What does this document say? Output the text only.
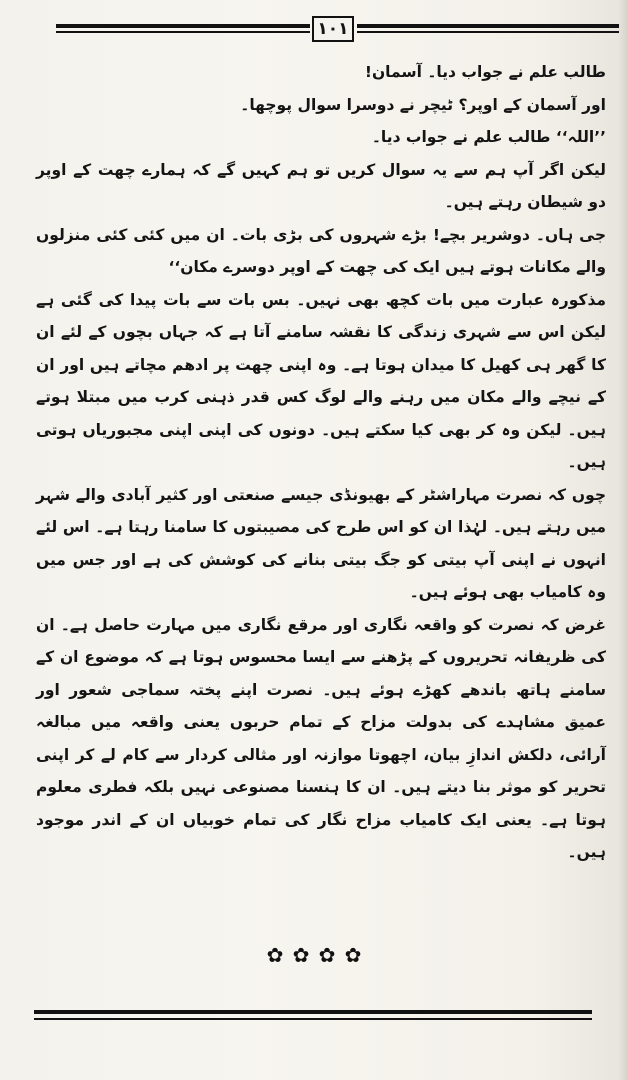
١٠١

طالب علم نے جواب دیا۔ آسمان!

اور آسمان کے اوپر؟ ٹیچر نے دوسرا سوال پوچھا۔

’’اللہ‘‘ طالب علم نے جواب دیا۔

لیکن اگر آپ ہم سے یہ سوال کریں تو ہم کہیں گے کہ ہمارے چھت کے اوپر دو شیطان رہتے ہیں۔

جی ہاں۔ دوشریر بچے! بڑے شہروں کی بڑی بات۔ ان میں کئی کئی منزلوں والے مکانات ہوتے ہیں ایک کی چھت کے اوپر دوسرے مکان‘‘

مذکورہ عبارت میں بات کچھ بھی نہیں۔ بس بات سے بات پیدا کی گئی ہے لیکن اس سے شہری زندگی کا نقشہ سامنے آتا ہے کہ جہاں بچوں کے لئے ان کا گھر ہی کھیل کا میدان ہوتا ہے۔ وہ اپنی چھت پر ادھم مچاتے ہیں اور ان کے نیچے والے مکان میں رہنے والے لوگ کس قدر ذہنی کرب میں مبتلا ہوتے ہیں۔ لیکن وہ کر بھی کیا سکتے ہیں۔ دونوں کی اپنی اپنی مجبوریاں ہوتی ہیں۔

چوں کہ نصرت مہاراشٹر کے بھیونڈی جیسے صنعتی اور کثیر آبادی والے شہر میں رہتے ہیں۔ لہٰذا ان کو اس طرح کی مصیبتوں کا سامنا رہتا ہے۔ اس لئے انہوں نے اپنی آپ بیتی کو جگ بیتی بنانے کی کوشش کی ہے اور جس میں وہ کامیاب بھی ہوئے ہیں۔

غرض کہ نصرت کو واقعہ نگاری اور مرقع نگاری میں مہارت حاصل ہے۔ ان کی ظریفانہ تحریروں کے پڑھنے سے ایسا محسوس ہوتا ہے کہ موضوع ان کے سامنے ہاتھ باندھے کھڑے ہوئے ہیں۔ نصرت اپنے پختہ سماجی شعور اور عمیق مشاہدے کی بدولت مزاح کے تمام حربوں یعنی واقعہ میں مبالغہ آرائی، دلکش اندازِ بیان، اچھوتا موازنہ اور مثالی کردار سے کام لے کر اپنی تحریر کو موثر بنا دیتے ہیں۔ ان کا ہنسنا مصنوعی نہیں بلکہ فطری معلوم ہوتا ہے۔ یعنی ایک کامیاب مزاح نگار کی تمام خوبیاں ان کے اندر موجود ہیں۔

✿ ✿ ✿ ✿
